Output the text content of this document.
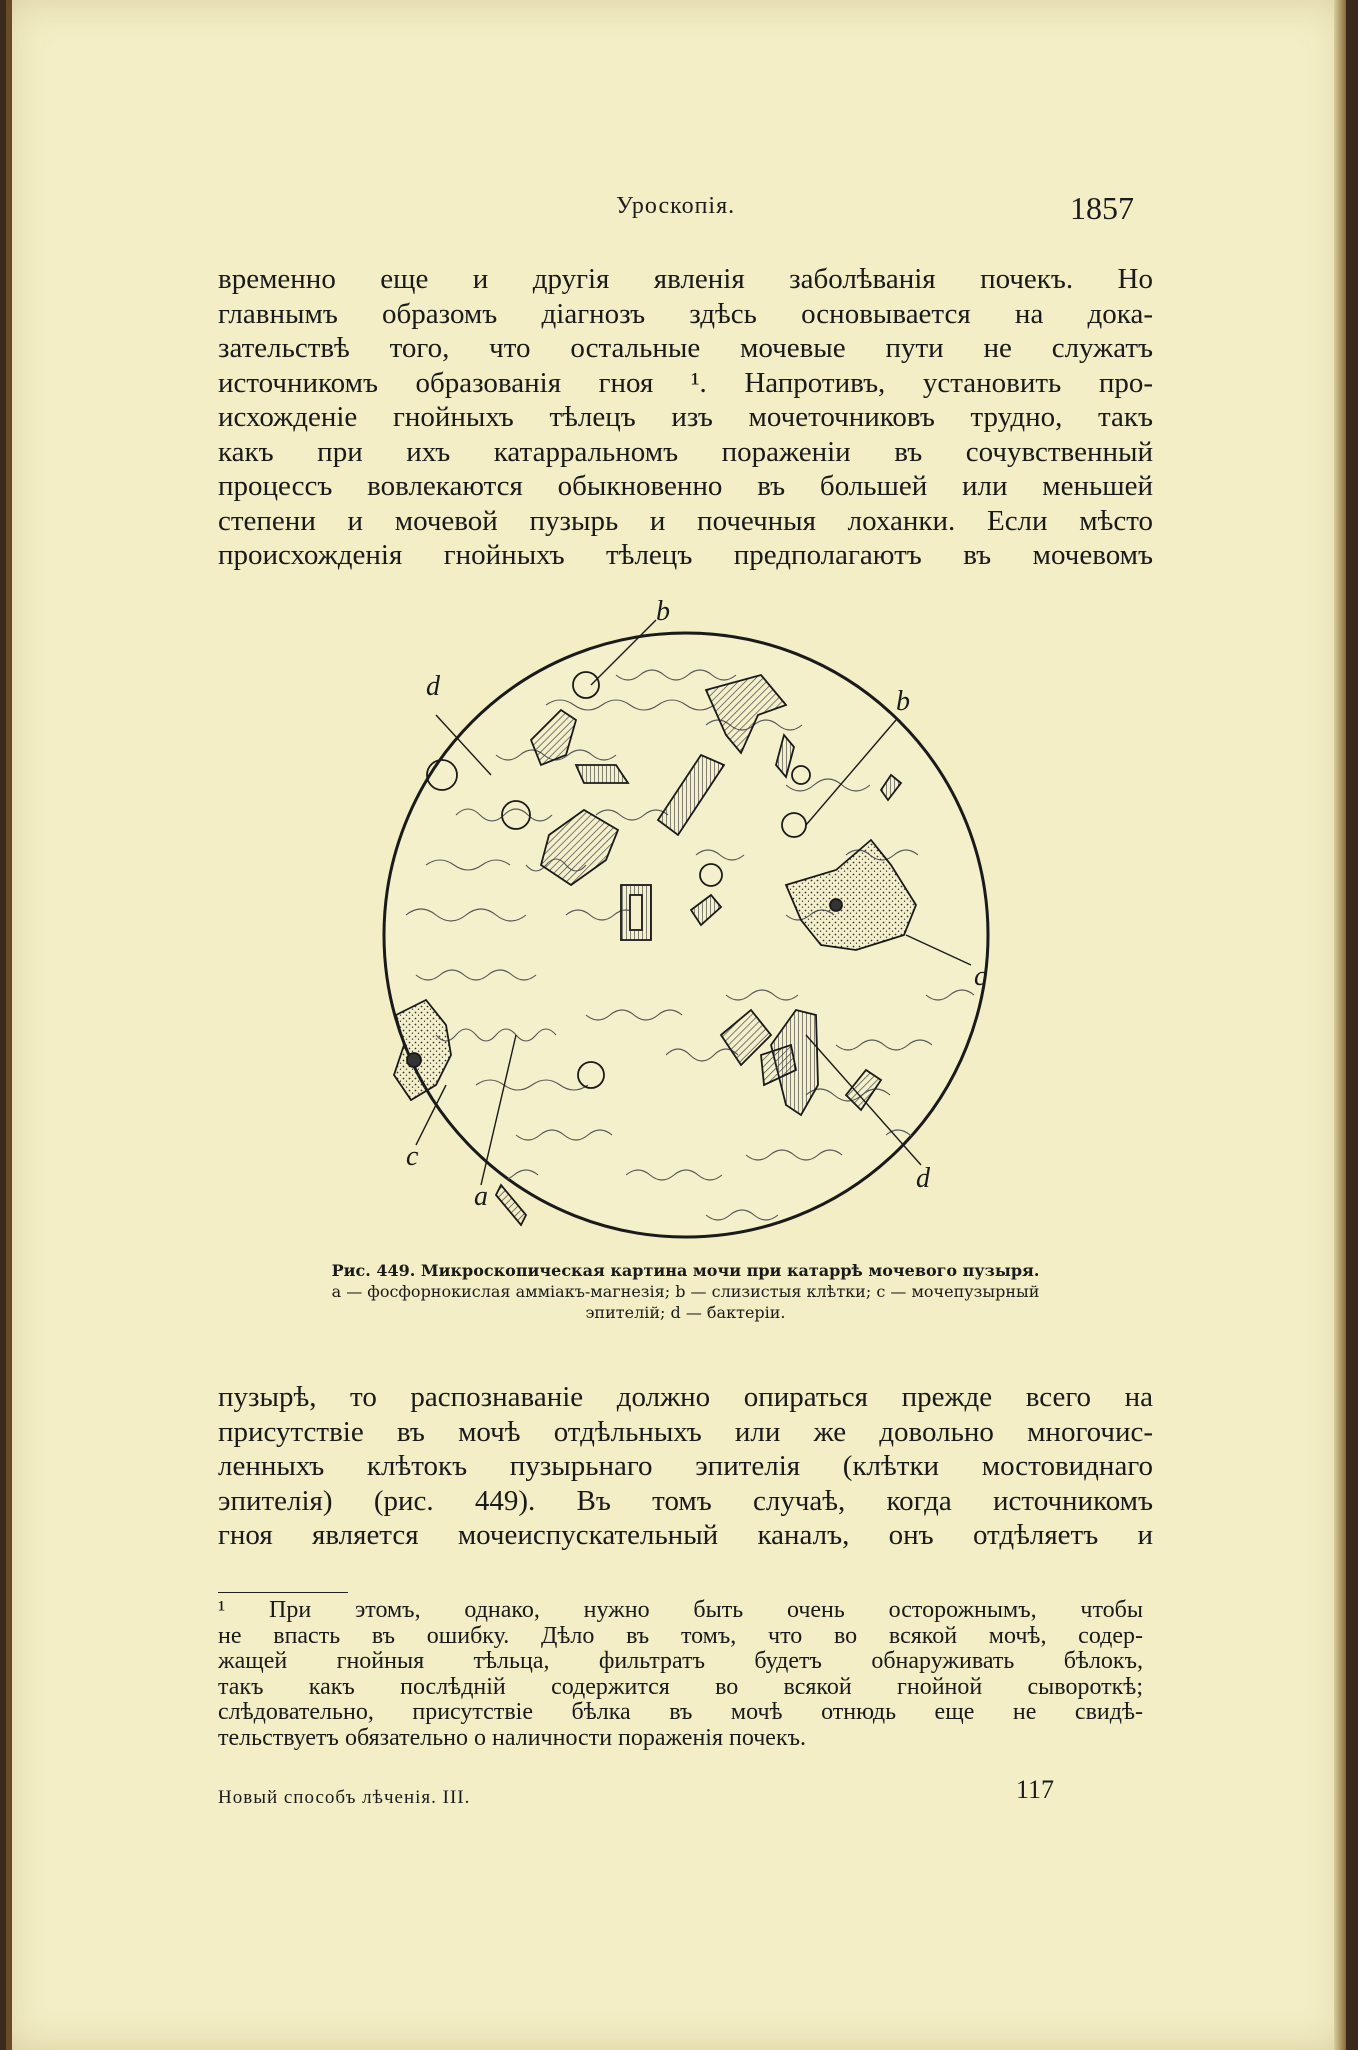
Уроскопія.	1857
временно еще и другія явленія заболѣванія почекъ. Но
главнымъ образомъ діагнозъ здѣсь основывается на дока-
зательствѣ того, что остальные мочевые пути не служатъ
источникомъ образованія гноя ¹. Напротивъ, установить про-
исхожденіе гнойныхъ тѣлецъ изъ мочеточниковъ трудно, такъ
какъ при ихъ катарральномъ пораженіи въ сочувственный
процессъ вовлекаются обыкновенно въ большей или меньшей
степени и мочевой пузырь и почечныя лоханки. Если мѣсто
происхожденія гнойныхъ тѣлецъ предполагаютъ въ мочевомъ
b
b
d
c
c
a
d
Рис. 449. Микроскопическая картина мочи при катаррѣ мочевого пузыря.
a — фосфорнокислая амміакъ-магнезія; b — слизистыя клѣтки; c — мочепузырный
эпителій; d — бактеріи.
пузырѣ, то распознаваніе должно опираться прежде всего на
присутствіе въ мочѣ отдѣльныхъ или же довольно многочис-
ленныхъ клѣтокъ пузырьнаго эпителія (клѣтки мостовиднаго
эпителія) (рис. 449). Въ томъ случаѣ, когда источникомъ
гноя является мочеиспускательный каналъ, онъ отдѣляетъ и
¹ При этомъ, однако, нужно быть очень осторожнымъ, чтобы
не впасть въ ошибку. Дѣло въ томъ, что во всякой мочѣ, содер-
жащей гнойныя тѣльца, фильтратъ будетъ обнаруживать бѣлокъ,
такъ какъ послѣдній содержится во всякой гнойной сывороткѣ;
слѣдовательно, присутствіе бѣлка въ мочѣ отнюдь еще не свидѣ-
тельствуетъ обязательно о наличности пораженія почекъ.
Новый способъ лѣченія. III.	117
